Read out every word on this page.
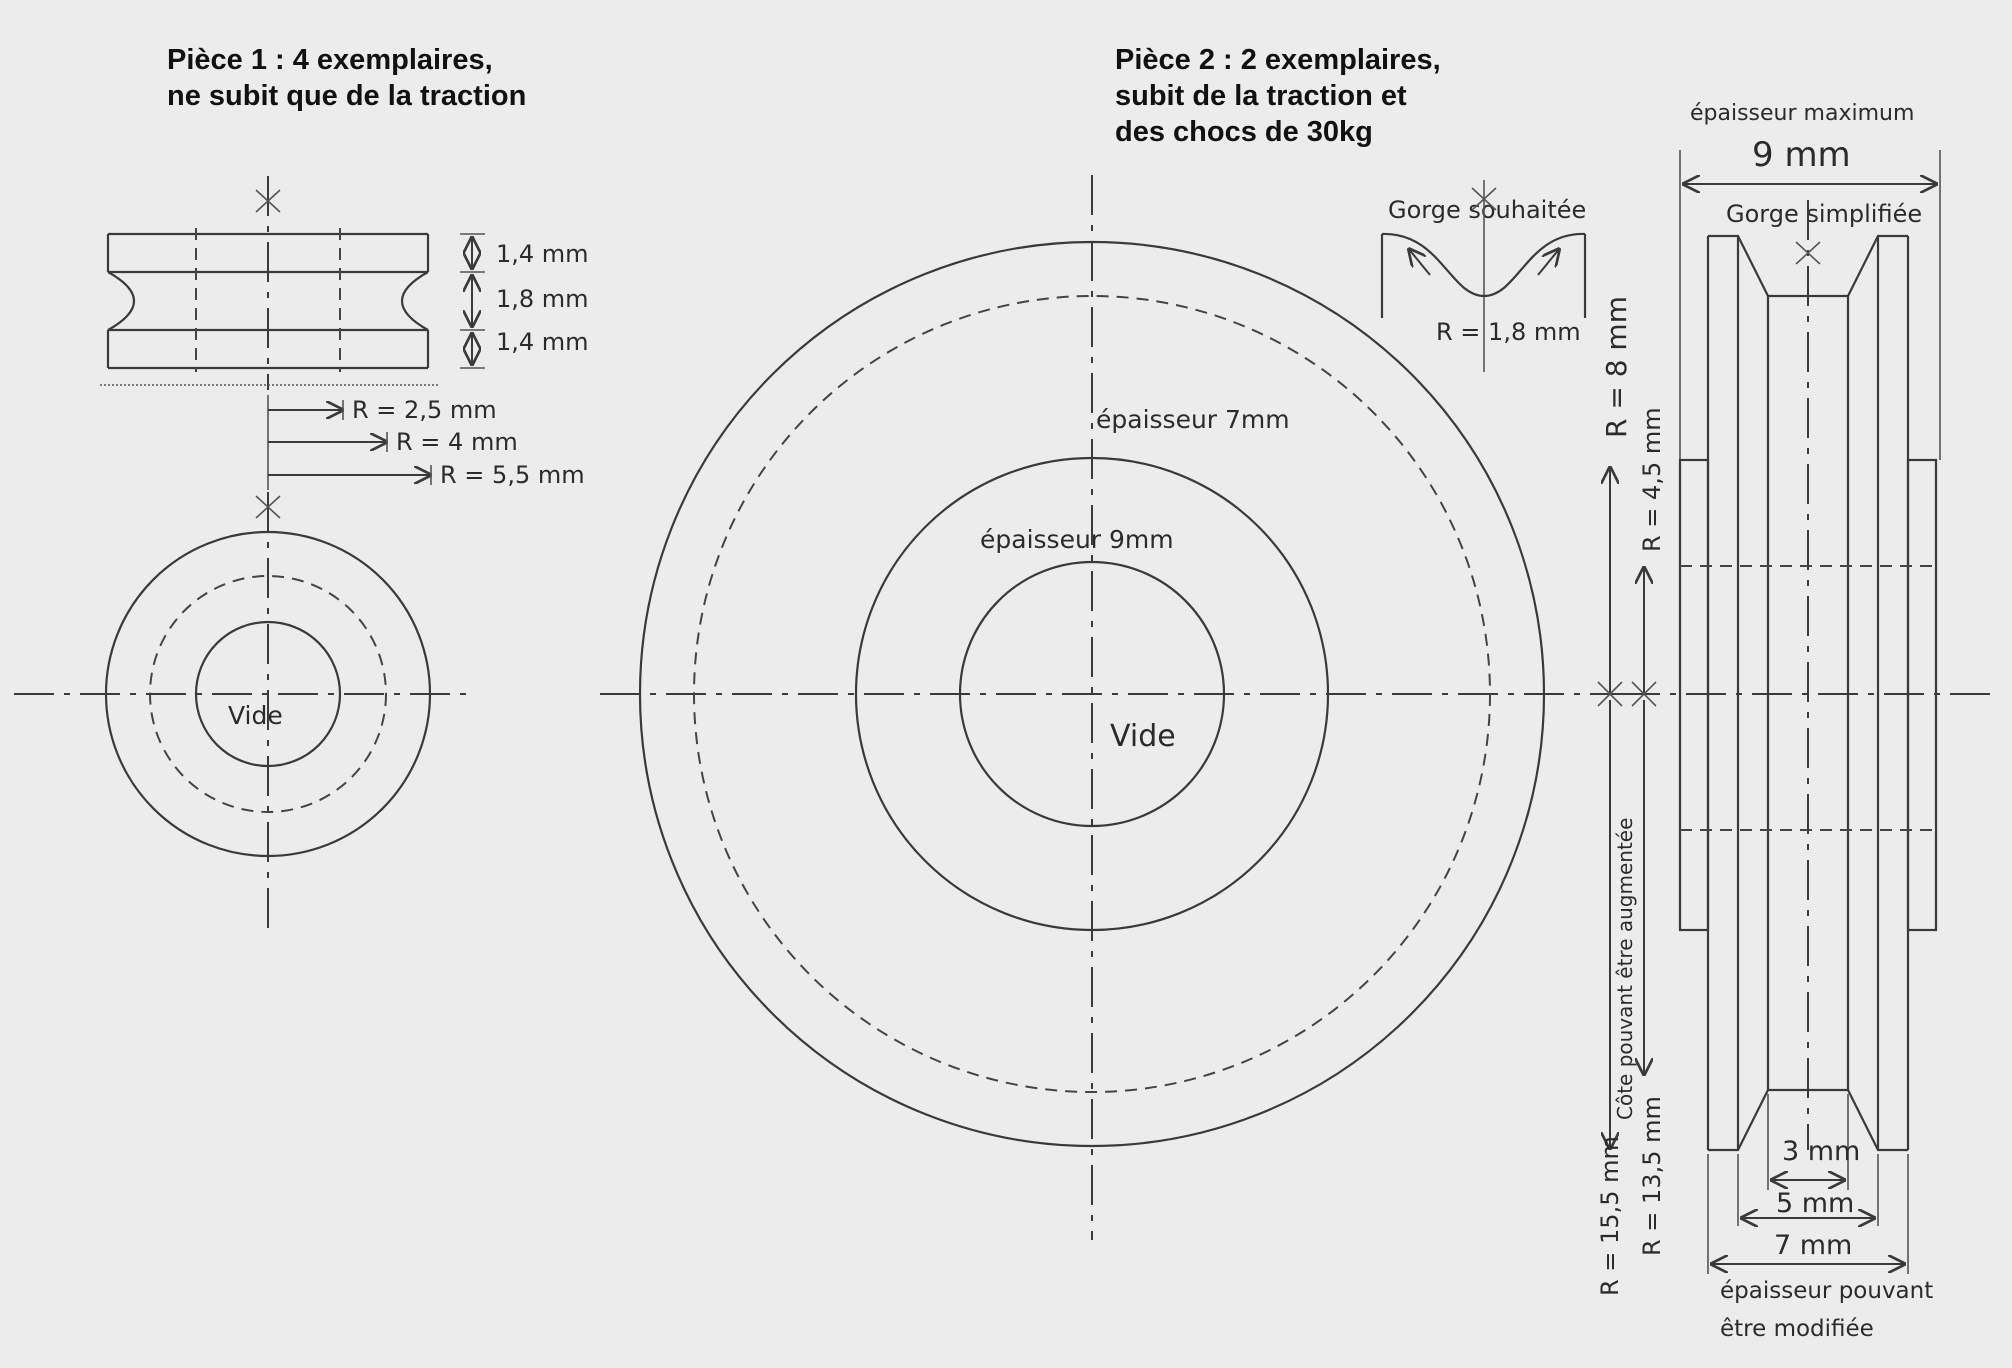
Pièce 1 : 4 exemplaires,
ne subit que de la traction
Pièce 2 : 2 exemplaires,
subit de la traction et
des chocs de 30kg
1,4 mm
1,8 mm
1,4 mm
R = 2,5 mm
R = 4 mm
R = 5,5 mm
Vide
épaisseur 7mm
épaisseur 9mm
Vide
Gorge souhaitée
R = 1,8 mm
épaisseur maximum
9 mm
Gorge simplifiée
R = 8 mm
R = 4,5 mm
Côte pouvant être augmentée
R = 15,5 mm R = 13,5 mm	3 mm
5 mm
7 mm
épaisseur pouvant
être modifiée
